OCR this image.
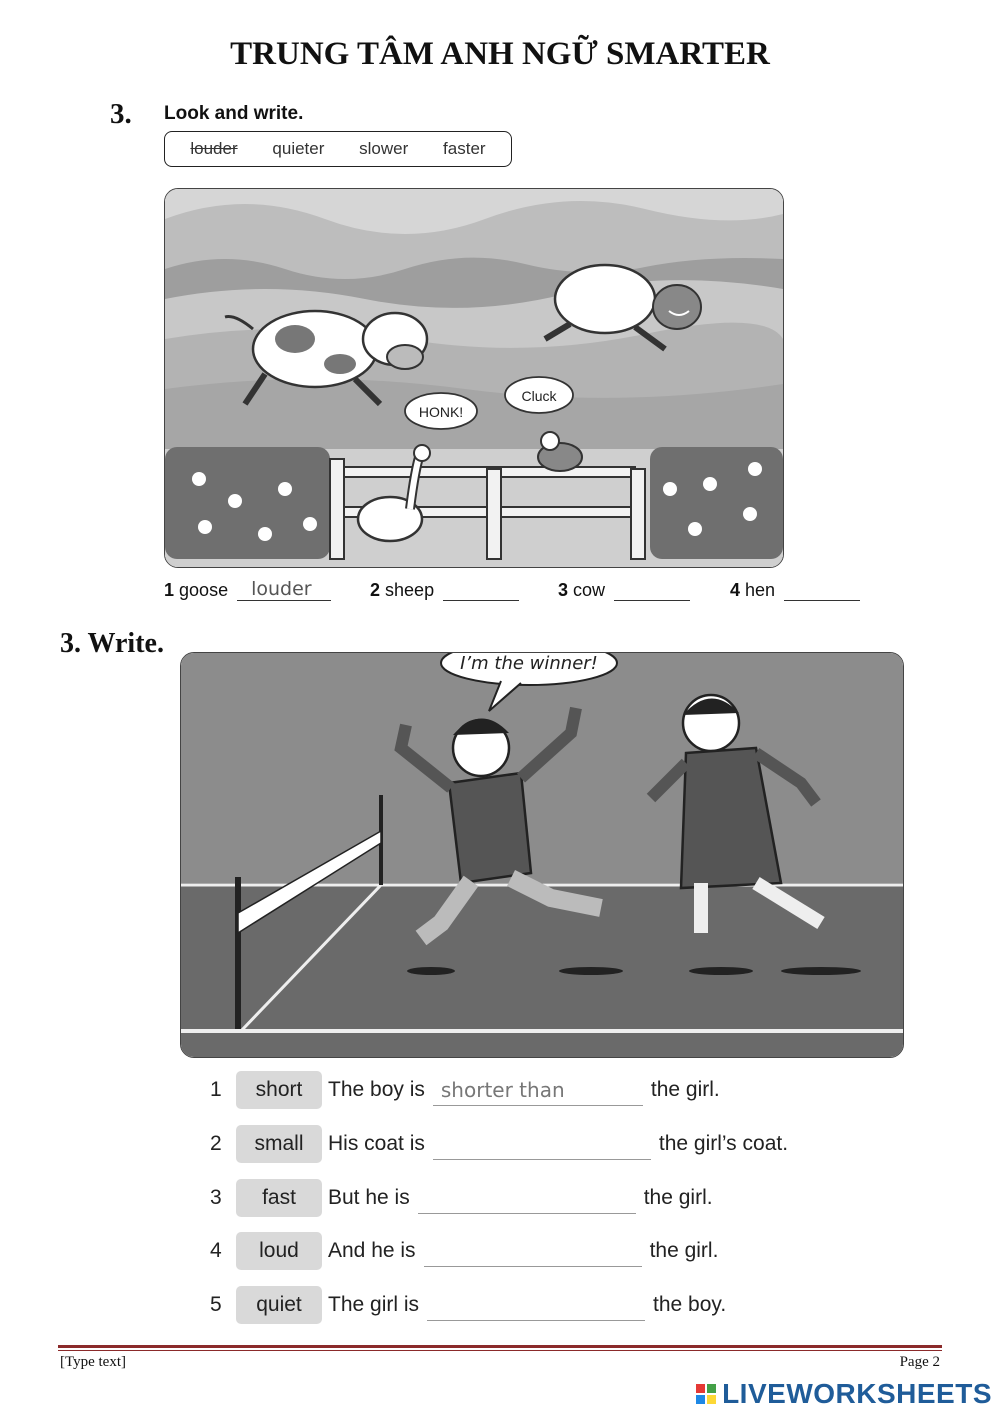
TRUNG TÂM ANH NGỮ SMARTER
3. Look and write.
louder quieter slower faster
HONK!
Cluck
1 goose louder	2 sheep	3 cow	4 hen
3. Write.
I’m the winner!
1	short	The boy is shorter than	the girl.
2	small	His coat is	the girl’s coat.
3	fast	But he is	the girl.
4	loud	And he is	the girl.
5	quiet	The girl is	the boy.
[Type text]	Page 2
LIVEWORKSHEETS
